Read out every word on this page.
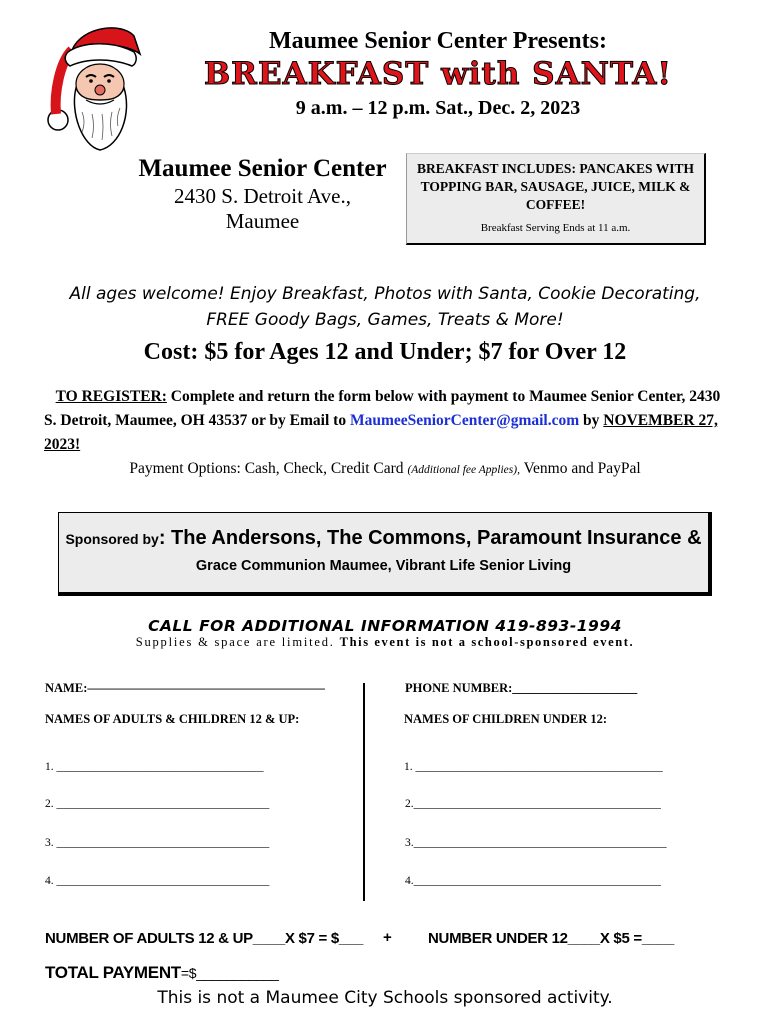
Maumee Senior Center Presents:
BREAKFAST with SANTA!
9 a.m. – 12 p.m. Sat., Dec. 2, 2023
Maumee Senior Center
2430 S. Detroit Ave.,
Maumee
BREAKFAST INCLUDES: PANCAKES WITH TOPPING BAR, SAUSAGE, JUICE, MILK & COFFEE!
Breakfast Serving Ends at 11 a.m.
All ages welcome! Enjoy Breakfast, Photos with Santa, Cookie Decorating,
FREE Goody Bags, Games, Treats & More!
Cost: $5 for Ages 12 and Under; $7 for Over 12
TO REGISTER: Complete and return the form below with payment to Maumee Senior Center, 2430 S. Detroit, Maumee, OH 43537 or by Email to MaumeeSeniorCenter@gmail.com by NOVEMBER 27, 2023!
Payment Options: Cash, Check, Credit Card (Additional fee Applies), Venmo and PayPal
Sponsored by: The Andersons, The Commons, Paramount Insurance &
Grace Communion Maumee, Vibrant Life Senior Living
CALL FOR ADDITIONAL INFORMATION 419-893-1994
Supplies & space are limited. This event is not a school-sponsored event.
NAME:———————————————————	PHONE NUMBER:____________________
NAMES OF ADULTS & CHILDREN 12 & UP:	NAMES OF CHILDREN UNDER 12:
1. ____________________________________
2. _____________________________________
3. _____________________________________
4. _____________________________________
1. ___________________________________________
2.___________________________________________
3.____________________________________________
4.___________________________________________
NUMBER OF ADULTS 12 & UP____X $7 = $___ + NUMBER UNDER 12____X $5 =____
TOTAL PAYMENT=$___________
This is not a Maumee City Schools sponsored activity.
